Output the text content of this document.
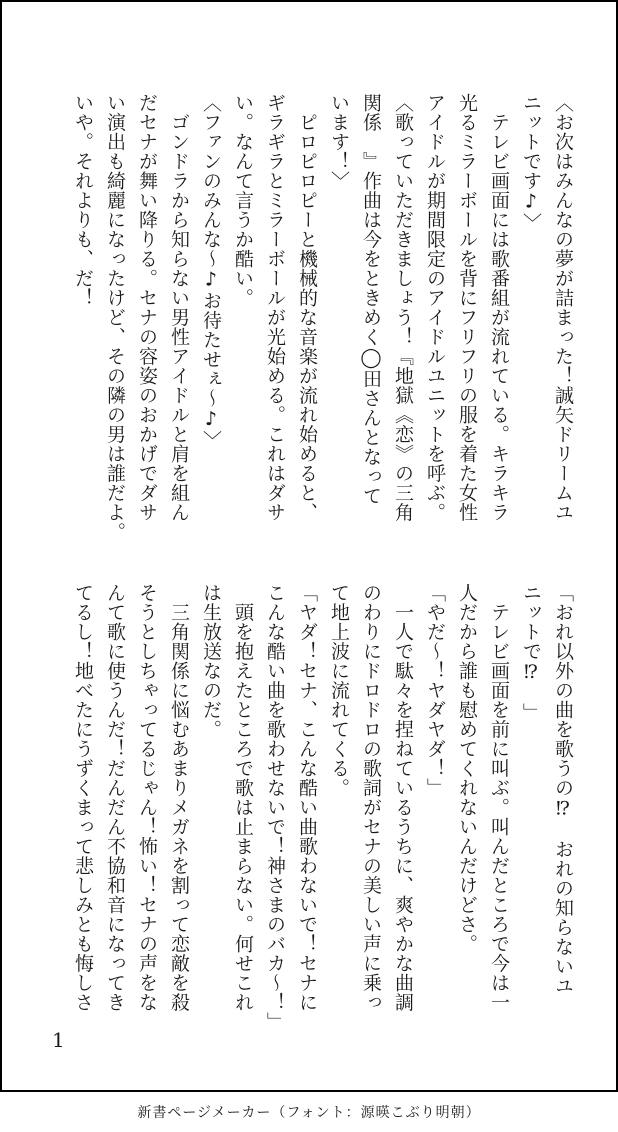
〈お次はみんなの夢が詰まった！誠矢ドリームユ

ニットです♪〉

　テレビ画面には歌番組が流れている。キラキラ

光るミラーボールを背にフリフリの服を着た女性

アイドルが期間限定のアイドルユニットを呼ぶ。

〈歌っていただきましょう！『地獄《恋》の三角

関係　』作曲は今をときめく◯田さんとなって

います！〉

　ピロピロピーと機械的な音楽が流れ始めると、

ギラギラとミラーボールが光始める。これはダサ

い。なんて言うか酷い。

〈ファンのみんな〜♪お待たせぇ〜♪〉

　ゴンドラから知らない男性アイドルと肩を組ん

だセナが舞い降りる。セナの容姿のおかげでダサ

い演出も綺麗になったけど、その隣の男は誰だよ。

いや。それよりも、だ！

「おれ以外の曲を歌うの⁉　おれの知らないユ

ニットで⁉　」

　テレビ画面を前に叫ぶ。叫んだところで今は一

人だから誰も慰めてくれないんだけどさ。

「やだ〜！ヤダヤダ！」

　一人で駄々を捏ねているうちに、爽やかな曲調

のわりにドロドロの歌詞がセナの美しい声に乗っ

て地上波に流れてくる。

「ヤダ！セナ、こんな酷い曲歌わないで！セナに

こんな酷い曲を歌わせないで！神さまのバカ〜！」

　頭を抱えたところで歌は止まらない。何せこれ

は生放送なのだ。

　三角関係に悩むあまりメガネを割って恋敵を殺

そうとしちゃってるじゃん！怖い！セナの声をな

んて歌に使うんだ！だんだん不協和音になってき

てるし！地べたにうずくまって悲しみとも悔しさ

1
新書ページメーカー（フォント：源暎こぶり明朝）
